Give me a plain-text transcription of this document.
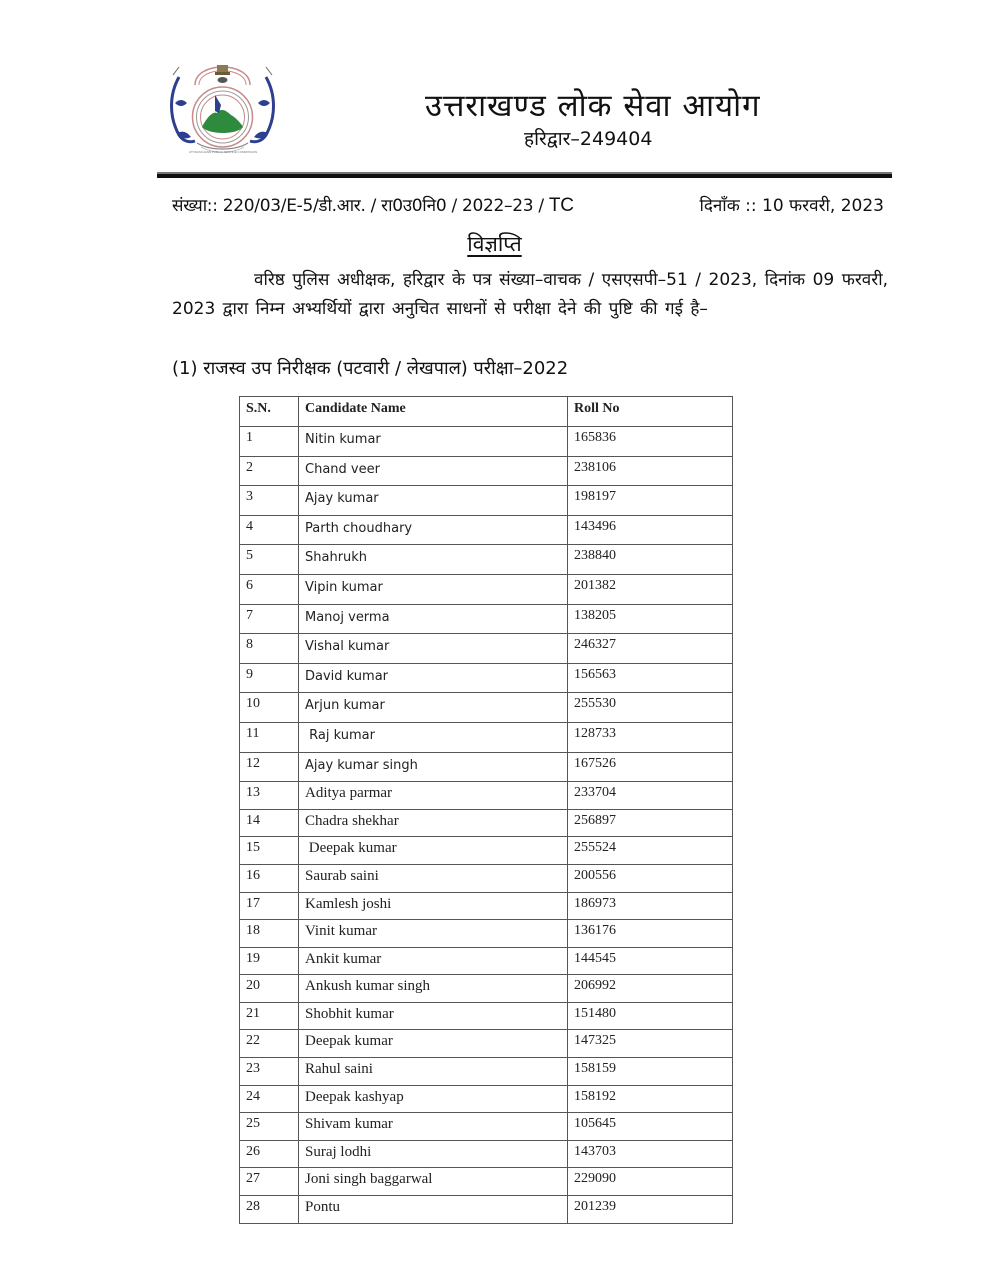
UTTARAKHAND PUBLIC SERVICE COMMISSION
उत्तराखण्ड लोक सेवा आयोग
हरिद्वार–249404
संख्या:: 220/03/E-5/डी.आर. / रा0उ0नि0 / 2022–23 / TC	दिनाँक :: 10 फरवरी, 2023
विज्ञप्ति
वरिष्ठ पुलिस अधीक्षक, हरिद्वार के पत्र संख्या–वाचक / एसएसपी–51 / 2023, दिनांक 09 फरवरी, 2023 द्वारा निम्न अभ्यर्थियों द्वारा अनुचित साधनों से परीक्षा देने की पुष्टि की गई है–
(1) राजस्व उप निरीक्षक (पटवारी / लेखपाल) परीक्षा–2022
S.N.	Candidate Name	Roll No
1	Nitin kumar	165836
2	Chand veer	238106
3	Ajay kumar	198197
4	Parth choudhary	143496
5	Shahrukh	238840
6	Vipin kumar	201382
7	Manoj verma	138205
8	Vishal kumar	246327
9	David kumar	156563
10	Arjun kumar	255530
11	Raj kumar	128733
12	Ajay kumar singh	167526
13	Aditya parmar	233704
14	Chadra shekhar	256897
15	Deepak kumar	255524
16	Saurab saini	200556
17	Kamlesh joshi	186973
18	Vinit kumar	136176
19	Ankit kumar	144545
20	Ankush kumar singh	206992
21	Shobhit kumar	151480
22	Deepak kumar	147325
23	Rahul saini	158159
24	Deepak kashyap	158192
25	Shivam kumar	105645
26	Suraj lodhi	143703
27	Joni singh baggarwal	229090
28	Pontu	201239
